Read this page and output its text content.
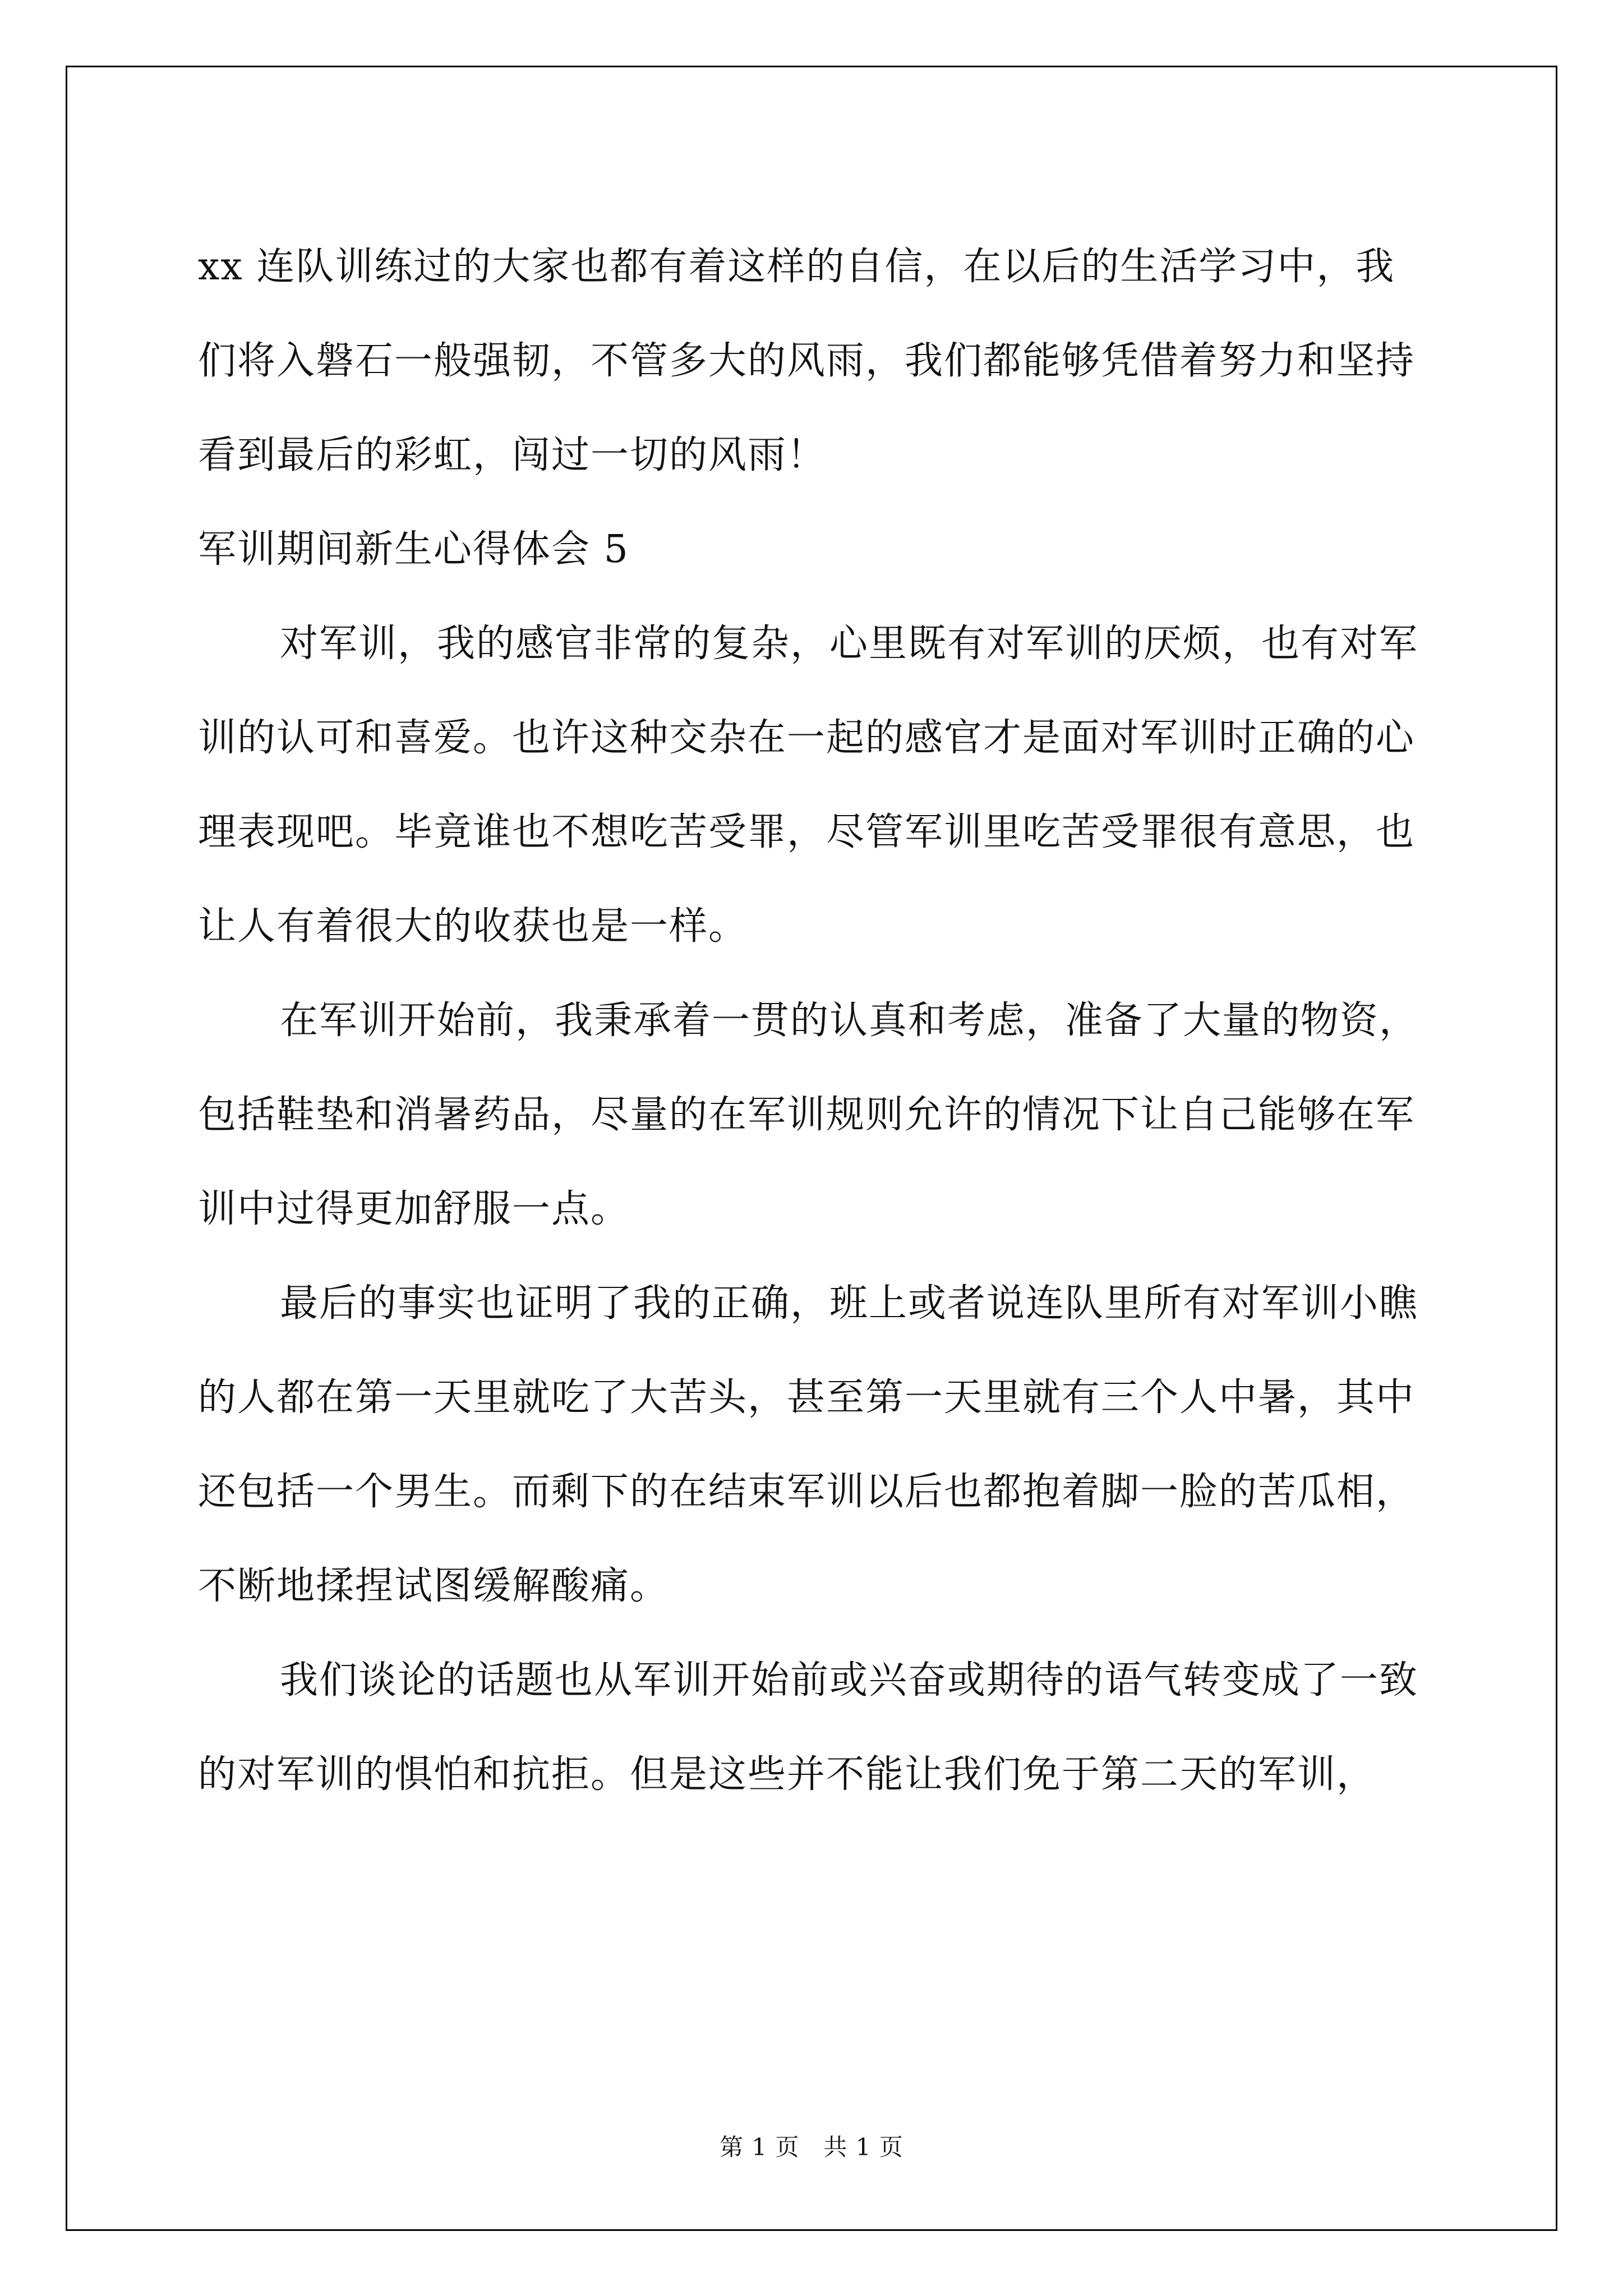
xx 连队训练过的大家也都有着这样的自信，在以后的生活学习中，我们将入磐石一般强韧，不管多大的风雨，我们都能够凭借着努力和坚持看到最后的彩虹，闯过一切的风雨！

军训期间新生心得体会 5

对军训，我的感官非常的复杂，心里既有对军训的厌烦，也有对军训的认可和喜爱。也许这种交杂在一起的感官才是面对军训时正确的心理表现吧。毕竟谁也不想吃苦受罪，尽管军训里吃苦受罪很有意思，也让人有着很大的收获也是一样。

在军训开始前，我秉承着一贯的认真和考虑，准备了大量的物资，包括鞋垫和消暑药品，尽量的在军训规则允许的情况下让自己能够在军训中过得更加舒服一点。

最后的事实也证明了我的正确，班上或者说连队里所有对军训小瞧的人都在第一天里就吃了大苦头，甚至第一天里就有三个人中暑，其中还包括一个男生。而剩下的在结束军训以后也都抱着脚一脸的苦瓜相，不断地揉捏试图缓解酸痛。

我们谈论的话题也从军训开始前或兴奋或期待的语气转变成了一致的对军训的惧怕和抗拒。但是这些并不能让我们免于第二天的军训，

第 1 页　共 1 页
